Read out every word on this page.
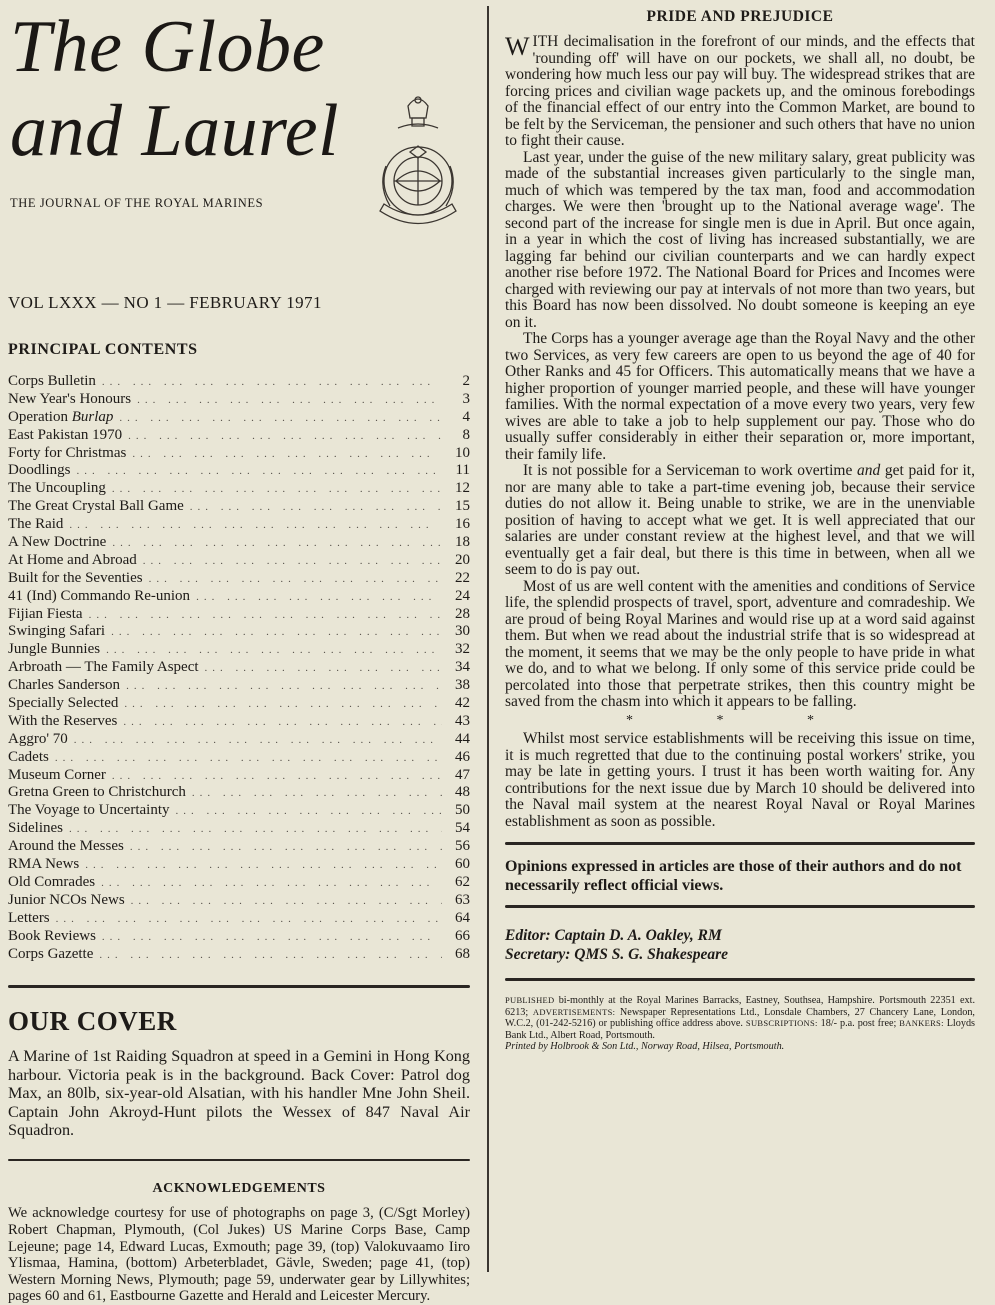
The Globe
and Laurel
THE JOURNAL OF THE ROYAL MARINES
VOL LXXX — NO 1 — FEBRUARY 1971
PRINCIPAL CONTENTS
Corps Bulletin ... .	2
New Year's Honours ... .	3
Operation Burlap ... .	4
East Pakistan 1970 ... .	8
Forty for Christmas ... .	10
Doodlings ... .	11
The Uncoupling ... .	12
The Great Crystal Ball Game ... .	15
The Raid ... .	16
A New Doctrine ... .	18
At Home and Abroad ... .	20
Built for the Seventies ... .	22
41 (Ind) Commando Re-union ... .	24
Fijian Fiesta ... .	28
Swinging Safari ... .	30
Jungle Bunnies ... .	32
Arbroath — The Family Aspect ... .	34
Charles Sanderson ... .	38
Specially Selected ... .	42
With the Reserves ... .	43
Aggro' 70 ... .	44
Cadets ... .	46
Museum Corner ... .	47
Gretna Green to Christchurch ... .	48
The Voyage to Uncertainty ... .	50
Sidelines ... .	54
Around the Messes ... .	56
RMA News ... .	60
Old Comrades ... .	62
Junior NCOs News ... .	63
Letters ... .	64
Book Reviews ... .	66
Corps Gazette ... .	68
OUR COVER
A Marine of 1st Raiding Squadron at speed in a Gemini in Hong Kong harbour. Victoria peak is in the background. Back Cover: Patrol dog Max, an 80lb, six-year-old Alsatian, with his handler Mne John Sheil. Captain John Akroyd-Hunt pilots the Wessex of 847 Naval Air Squadron.
ACKNOWLEDGEMENTS
We acknowledge courtesy for use of photographs on page 3, (C/Sgt Morley) Robert Chapman, Plymouth, (Col Jukes) US Marine Corps Base, Camp Lejeune; page 14, Edward Lucas, Exmouth; page 39, (top) Valokuvaamo Iiro Ylismaa, Hamina, (bottom) Arbeterbladet, Gävle, Sweden; page 41, (top) Western Morning News, Plymouth; page 59, underwater gear by Lillywhites; pages 60 and 61, Eastbourne Gazette and Herald and Leicester Mercury.
PRIDE AND PREJUDICE

WITH decimalisation in the forefront of our minds, and the effects that 'rounding off' will have on our pockets, we shall all, no doubt, be wondering how much less our pay will buy. The widespread strikes that are forcing prices and civilian wage packets up, and the ominous forebodings of the financial effect of our entry into the Common Market, are bound to be felt by the Serviceman, the pensioner and such others that have no union to fight their cause.

Last year, under the guise of the new military salary, great publicity was made of the substantial increases given particularly to the single man, much of which was tempered by the tax man, food and accommodation charges. We were then 'brought up to the National average wage'. The second part of the increase for single men is due in April. But once again, in a year in which the cost of living has increased substantially, we are lagging far behind our civilian counterparts and we can hardly expect another rise before 1972. The National Board for Prices and Incomes were charged with reviewing our pay at intervals of not more than two years, but this Board has now been dissolved. No doubt someone is keeping an eye on it.

The Corps has a younger average age than the Royal Navy and the other two Services, as very few careers are open to us beyond the age of 40 for Other Ranks and 45 for Officers. This automatically means that we have a higher proportion of younger married people, and these will have younger families. With the normal expectation of a move every two years, very few wives are able to take a job to help supplement our pay. Those who do usually suffer considerably in either their separation or, more important, their family life.

It is not possible for a Serviceman to work overtime and get paid for it, nor are many able to take a part-time evening job, because their service duties do not allow it. Being unable to strike, we are in the unenviable position of having to accept what we get. It is well appreciated that our salaries are under constant review at the highest level, and that we will eventually get a fair deal, but there is this time in between, when all we seem to do is pay out.

Most of us are well content with the amenities and conditions of Service life, the splendid prospects of travel, sport, adventure and comradeship. We are proud of being Royal Marines and would rise up at a word said against them. But when we read about the industrial strife that is so widespread at the moment, it seems that we may be the only people to have pride in what we do, and to what we belong. If only some of this service pride could be percolated into those that perpetrate strikes, then this country might be saved from the chasm into which it appears to be falling.

* * *

Whilst most service establishments will be receiving this issue on time, it is much regretted that due to the continuing postal workers' strike, you may be late in getting yours. I trust it has been worth waiting for. Any contributions for the next issue due by March 10 should be delivered into the Naval mail system at the nearest Royal Naval or Royal Marines establishment as soon as possible.

Opinions expressed in articles are those of their authors and do not necessarily reflect official views.
Editor: Captain D. A. Oakley, RM
Secretary: QMS S. G. Shakespeare
PUBLISHED bi-monthly at the Royal Marines Barracks, Eastney, Southsea, Hampshire. Portsmouth 22351 ext. 6213; ADVERTISEMENTS: Newspaper Representations Ltd., Lonsdale Chambers, 27 Chancery Lane, London, W.C.2, (01-242-5216) or publishing office address above. SUBSCRIPTIONS: 18/- p.a. post free; BANKERS: Lloyds Bank Ltd., Albert Road, Portsmouth.
Printed by Holbrook & Son Ltd., Norway Road, Hilsea, Portsmouth.
